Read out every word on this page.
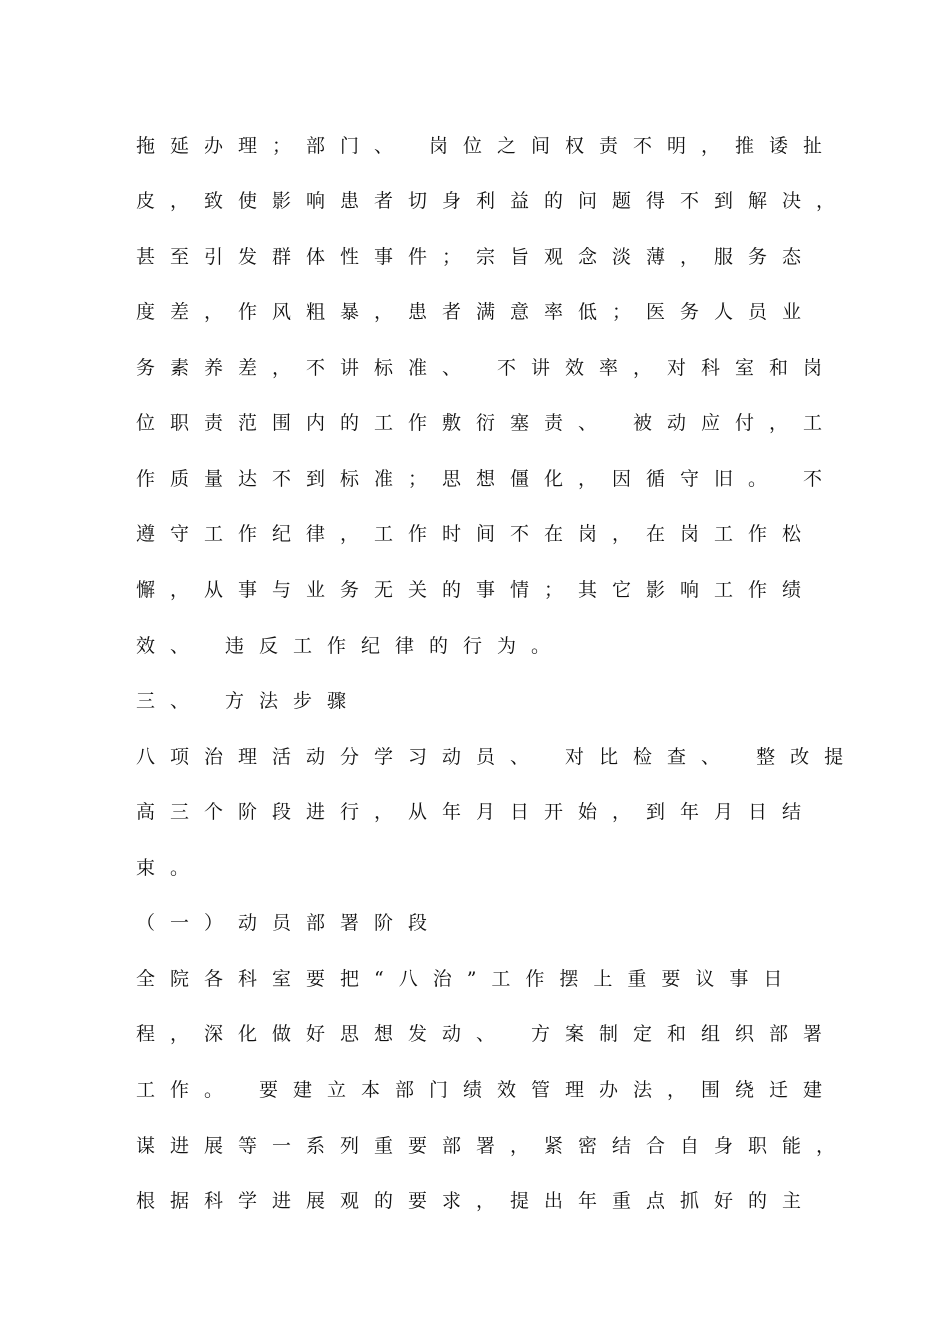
拖延办理；部门、 岗位之间权责不明，推诿扯
皮，致使影响患者切身利益的问题得不到解决，
甚至引发群体性事件；宗旨观念淡薄，服务态
度差，作风粗暴，患者满意率低；医务人员业
务素养差，不讲标准、 不讲效率，对科室和岗
位职责范围内的工作敷衍塞责、 被动应付，工
作质量达不到标准；思想僵化，因循守旧。 不
遵守工作纪律，工作时间不在岗，在岗工作松
懈，从事与业务无关的事情；其它影响工作绩
效、 违反工作纪律的行为。
三、 方法步骤
八项治理活动分学习动员、 对比检查、 整改提
高三个阶段进行，从年月日开始，到年月日结
束。
（一）动员部署阶段
全院各科室要把“八治”工作摆上重要议事日
程，深化做好思想发动、 方案制定和组织部署
工作。 要建立本部门绩效管理办法，围绕迁建
谋进展等一系列重要部署，紧密结合自身职能，
根据科学进展观的要求，提出年重点抓好的主
